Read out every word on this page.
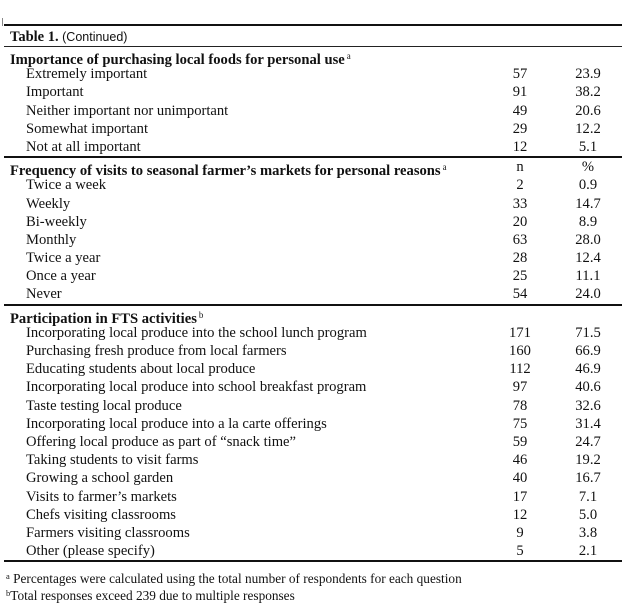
Table 1. (Continued)
Importance of purchasing local foods for personal use $^a$
Extremely important	57	23.9
Important	91	38.2
Neither important nor unimportant	49	20.6
Somewhat important	29	12.2
Not at all important	12	5.1
Frequency of visits to seasonal farmer’s markets for personal reasons $^a$	n	%
Twice a week	2	0.9
Weekly	33	14.7
Bi-weekly	20	8.9
Monthly	63	28.0
Twice a year	28	12.4
Once a year	25	11.1
Never	54	24.0
Participation in FTS activities $^b$
Incorporating local produce into the school lunch program	171	71.5
Purchasing fresh produce from local farmers	160	66.9
Educating students about local produce	112	46.9
Incorporating local produce into school breakfast program	97	40.6
Taste testing local produce	78	32.6
Incorporating local produce into a la carte offerings	75	31.4
Offering local produce as part of “snack time”	59	24.7
Taking students to visit farms	46	19.2
Growing a school garden	40	16.7
Visits to farmer’s markets	17	7.1
Chefs visiting classrooms	12	5.0
Farmers visiting classrooms	9	3.8
Other (please specify)	5	2.1
$^a$ Percentages were calculated using the total number of respondents for each question
$^b$Total responses exceed 239 due to multiple responses
